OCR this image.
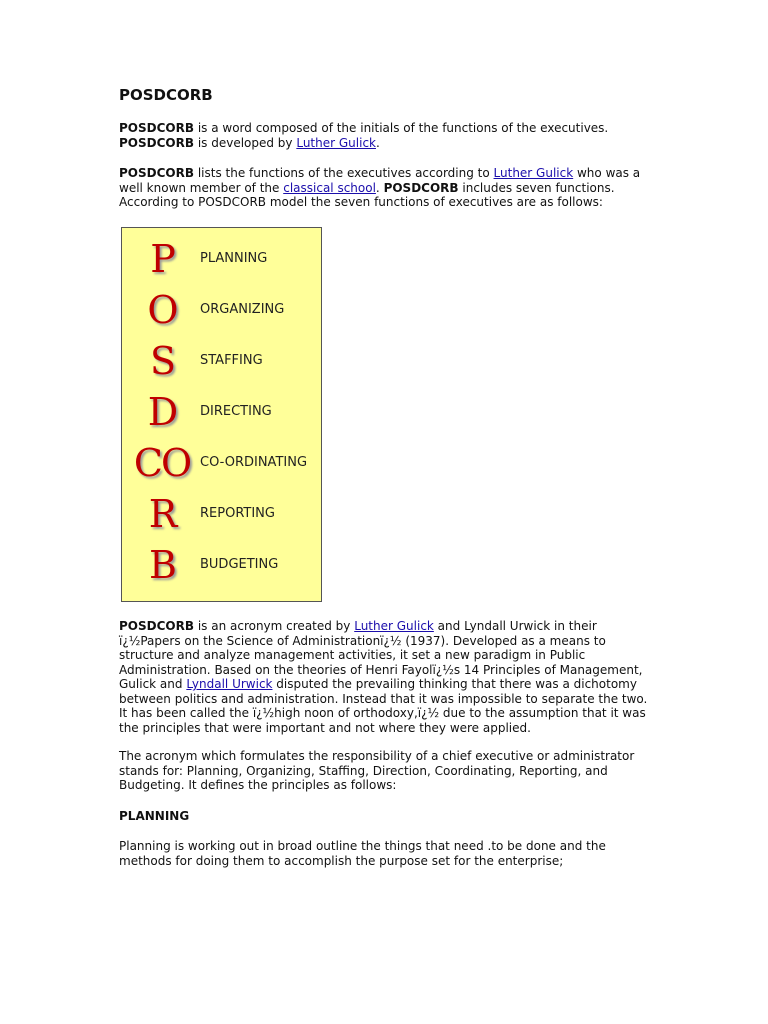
POSDCORB

POSDCORB is a word composed of the initials of the functions of the executives.
POSDCORB is developed by Luther Gulick.

POSDCORB lists the functions of the executives according to Luther Gulick who was a
well known member of the classical school. POSDCORB includes seven functions.
According to POSDCORB model the seven functions of executives are as follows:

P	PLANNING
O	ORGANIZING
S	STAFFING
D	DIRECTING
CO CO-ORDINATING
R	REPORTING
B	BUDGETING

POSDCORB is an acronym created by Luther Gulick and Lyndall Urwick in their
ï¿½Papers on the Science of Administrationï¿½ (1937). Developed as a means to
structure and analyze management activities, it set a new paradigm in Public
Administration. Based on the theories of Henri Fayolï¿½s 14 Principles of Management,
Gulick and Lyndall Urwick disputed the prevailing thinking that there was a dichotomy
between politics and administration. Instead that it was impossible to separate the two.
It has been called the ï¿½high noon of orthodoxy,ï¿½ due to the assumption that it was
the principles that were important and not where they were applied.

The acronym which formulates the responsibility of a chief executive or administrator
stands for: Planning, Organizing, Staffing, Direction, Coordinating, Reporting, and
Budgeting. It defines the principles as follows:

PLANNING

Planning is working out in broad outline the things that need .to be done and the
methods for doing them to accomplish the purpose set for the enterprise;
